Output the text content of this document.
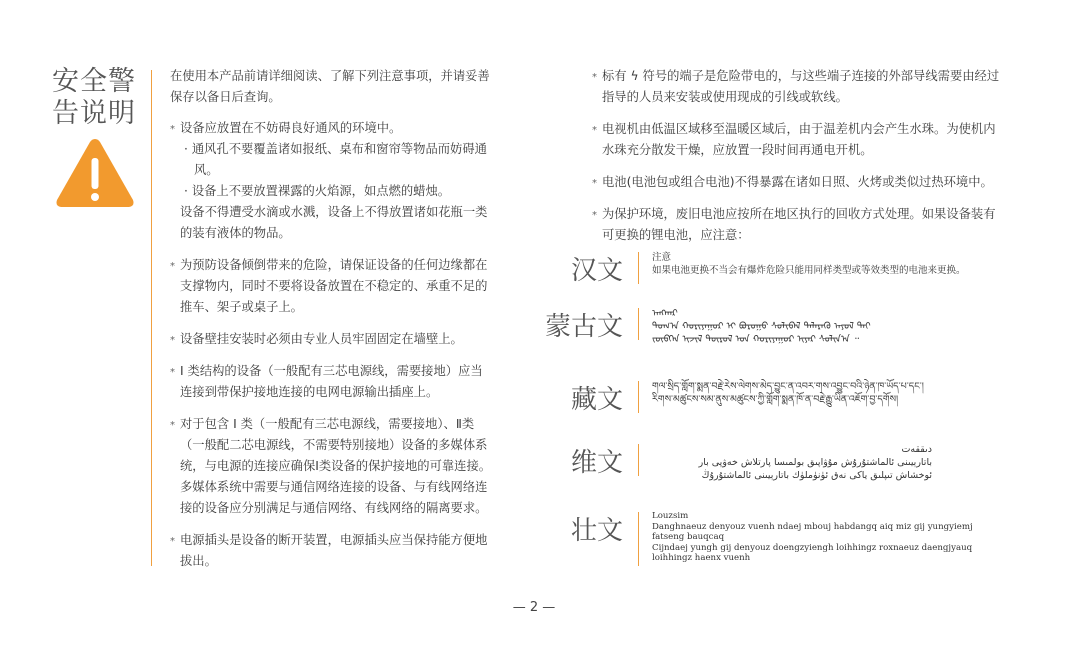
安全警告说明
在使用本产品前请详细阅读、了解下列注意事项，并请妥善保存以备日后查询。
* 设备应放置在不妨碍良好通风的环境中。
· 通风孔不要覆盖诸如报纸、桌布和窗帘等物品而妨碍通风。
· 设备上不要放置裸露的火焰源，如点燃的蜡烛。
设备不得遭受水滴或水溅，设备上不得放置诸如花瓶一类的装有液体的物品。
* 为预防设备倾倒带来的危险，请保证设备的任何边缘都在支撑物内，同时不要将设备放置在不稳定的、承重不足的推车、架子或桌子上。
* 设备壁挂安装时必须由专业人员牢固固定在墙壁上。
* Ⅰ 类结构的设备（一般配有三芯电源线，需要接地）应当连接到带保护接地连接的电网电源输出插座上。
* 对于包含 Ⅰ 类（一般配有三芯电源线，需要接地）、Ⅱ类（一般配二芯电源线，不需要特别接地）设备的多媒体系统，与电源的连接应确保Ⅰ类设备的保护接地的可靠连接。多媒体系统中需要与通信网络连接的设备、与有线网络连接的设备应分别满足与通信网络、有线网络的隔离要求。
* 电源插头是设备的断开装置，电源插头应当保持能方便地拔出。
* 标有 ϟ 符号的端子是危险带电的，与这些端子连接的外部导线需要由经过指导的人员来安装或使用现成的引线或软线。
* 电视机由低温区域移至温暖区域后，由于温差机内会产生水珠。为使机内水珠充分散发干燥，应放置一段时间再通电开机。
* 电池(电池包或组合电池)不得暴露在诸如日照、火烤或类似过热环境中。
* 为保护环境，废旧电池应按所在地区执行的回收方式处理。如果设备装有可更换的锂电池，应注意：
汉文	注意
如果电池更换不当会有爆炸危险只能用同样类型或等效类型的电池来更换。
蒙古文	ᠠᠩᠬᠠᠷ
ᠲᠣᠭ᠎ᠠ ᠬᠤᠷᠢᠶᠠᠭᠤᠷ ᠢ ᠪᠤᠷᠤᠭᠤ ᠰᠣᠯᠢᠪᠠᠯ ᠳᠡᠯᠡᠷᠡᠬᠦ ᠠᠶᠤᠯ ᠲᠠᠢ
ᠵᠥᠪᠬᠡᠨ ᠢᠵᠢᠯ ᠲᠥᠷᠥᠯ ᠤᠨ ᠬᠤᠷᠢᠶᠠᠭᠤᠷ ᠢᠶᠠᠷ ᠰᠣᠯᠢᠨ᠎ᠠ ᠃
藏文	གལ་སྲིད་གློག་སྨན་བརྗེ་རེས་ལེགས་མེད་བྱུང་ན་འབར་གས་འབྱུང་བའི་ཉེན་ཁ་ཡོད་པ་དང་།
རིགས་མཚུངས་སམ་ནུས་མཚུངས་ཀྱི་གློག་སྨན་ཁོ་ན་བརྗེ་རྒྱུ་ཡིན་འཇོག་བྱ་དགོས།
维文	دىققەت
باتارېيىنى ئالماشتۇرۇش مۇۋاپىق بولمىسا پارتلاش خەۋپى بار
ئوخشاش تىپلىق ياكى نەق ئۈنۈملۈك باتارېيىنى ئالماشتۇرۇڭ
壮文	Louzsim
Danghnaeuz denyouz vuenh ndaej mbouj habdangq aiq miz gij yungyiemj fatseng bauqcaq
Cijndaej yungh gij denyouz doengzyiengh loihhingz roxnaeuz daengjyauq loihhingz haenx vuenh
— 2 —
